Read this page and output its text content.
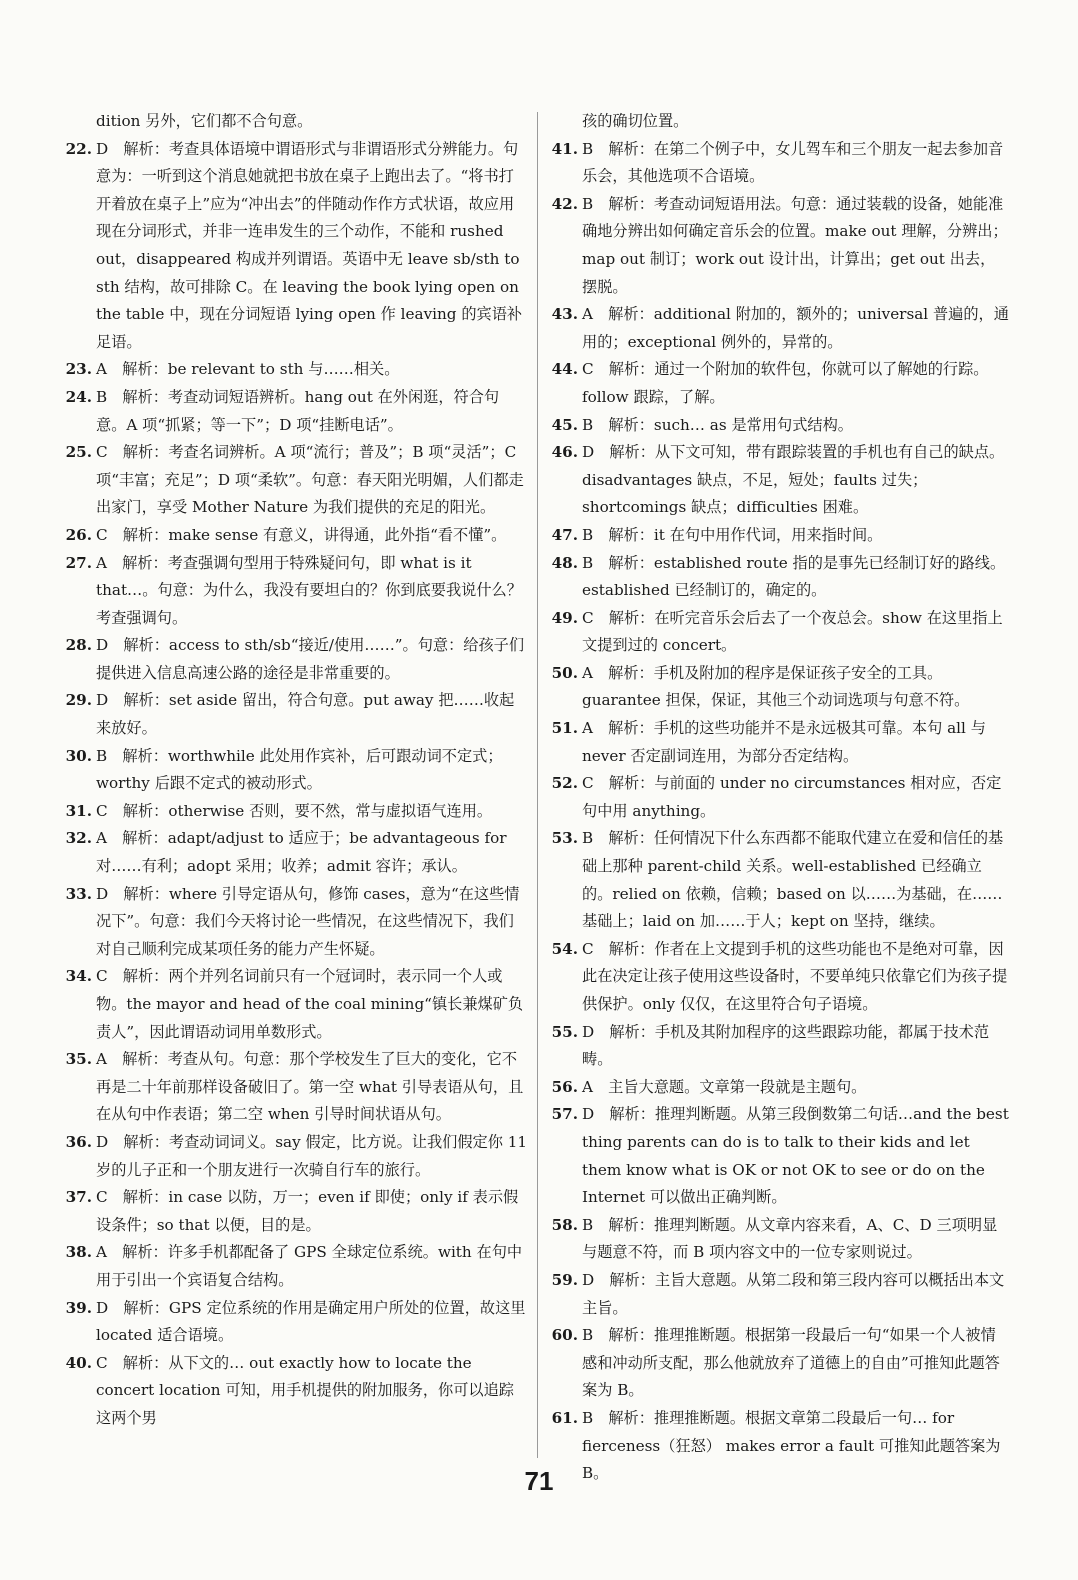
dition 另外，它们都不合句意。
22. D　解析：考查具体语境中谓语形式与非谓语形式分辨能力。句意为：一听到这个消息她就把书放在桌子上跑出去了。“将书打开着放在桌子上”应为“冲出去”的伴随动作作方式状语，故应用现在分词形式，并非一连串发生的三个动作，不能和 rushed out，disappeared 构成并列谓语。英语中无 leave sb/sth to sth 结构，故可排除 C。在 leaving the book lying open on the table 中，现在分词短语 lying open 作 leaving 的宾语补足语。
23. A　解析：be relevant to sth 与……相关。
24. B　解析：考查动词短语辨析。hang out 在外闲逛，符合句意。A 项“抓紧；等一下”；D 项“挂断电话”。
25. C　解析：考查名词辨析。A 项“流行；普及”；B 项“灵活”；C 项“丰富；充足”；D 项“柔软”。句意：春天阳光明媚，人们都走出家门，享受 Mother Nature 为我们提供的充足的阳光。
26. C　解析：make sense 有意义，讲得通，此外指“看不懂”。
27. A　解析：考查强调句型用于特殊疑问句，即 what is it that…。句意：为什么，我没有要坦白的？你到底要我说什么？考查强调句。
28. D　解析：access to sth/sb“接近/使用……”。句意：给孩子们提供进入信息高速公路的途径是非常重要的。
29. D　解析：set aside 留出，符合句意。put away 把……收起来放好。
30. B　解析：worthwhile 此处用作宾补，后可跟动词不定式；worthy 后跟不定式的被动形式。
31. C　解析：otherwise 否则，要不然，常与虚拟语气连用。
32. A　解析：adapt/adjust to 适应于；be advantageous for 对……有利；adopt 采用；收养；admit 容许；承认。
33. D　解析：where 引导定语从句，修饰 cases，意为“在这些情况下”。句意：我们今天将讨论一些情况，在这些情况下，我们对自己顺利完成某项任务的能力产生怀疑。
34. C　解析：两个并列名词前只有一个冠词时，表示同一个人或物。the mayor and head of the coal mining“镇长兼煤矿负责人”，因此谓语动词用单数形式。
35. A　解析：考查从句。句意：那个学校发生了巨大的变化，它不再是二十年前那样设备破旧了。第一空 what 引导表语从句，且在从句中作表语；第二空 when 引导时间状语从句。
36. D　解析：考查动词词义。say 假定，比方说。让我们假定你 11 岁的儿子正和一个朋友进行一次骑自行车的旅行。
37. C　解析：in case 以防，万一；even if 即使；only if 表示假设条件；so that 以便，目的是。
38. A　解析：许多手机都配备了 GPS 全球定位系统。with 在句中用于引出一个宾语复合结构。
39. D　解析：GPS 定位系统的作用是确定用户所处的位置，故这里 located 适合语境。
40. C　解析：从下文的… out exactly how to locate the concert location 可知，用手机提供的附加服务，你可以追踪这两个男
孩的确切位置。
41. B　解析：在第二个例子中，女儿驾车和三个朋友一起去参加音乐会，其他选项不合语境。
42. B　解析：考查动词短语用法。句意：通过装载的设备，她能准确地分辨出如何确定音乐会的位置。make out 理解，分辨出；map out 制订；work out 设计出，计算出；get out 出去，摆脱。
43. A　解析：additional 附加的，额外的；universal 普遍的，通用的；exceptional 例外的，异常的。
44. C　解析：通过一个附加的软件包，你就可以了解她的行踪。follow 跟踪，了解。
45. B　解析：such… as 是常用句式结构。
46. D　解析：从下文可知，带有跟踪装置的手机也有自己的缺点。disadvantages 缺点，不足，短处；faults 过失；shortcomings 缺点；difficulties 困难。
47. B　解析：it 在句中用作代词，用来指时间。
48. B　解析：established route 指的是事先已经制订好的路线。established 已经制订的，确定的。
49. C　解析：在听完音乐会后去了一个夜总会。show 在这里指上文提到过的 concert。
50. A　解析：手机及附加的程序是保证孩子安全的工具。guarantee 担保，保证，其他三个动词选项与句意不符。
51. A　解析：手机的这些功能并不是永远极其可靠。本句 all 与 never 否定副词连用，为部分否定结构。
52. C　解析：与前面的 under no circumstances 相对应，否定句中用 anything。
53. B　解析：任何情况下什么东西都不能取代建立在爱和信任的基础上那种 parent-child 关系。well-established 已经确立的。relied on 依赖，信赖；based on 以……为基础，在……基础上；laid on 加……于人；kept on 坚持，继续。
54. C　解析：作者在上文提到手机的这些功能也不是绝对可靠，因此在决定让孩子使用这些设备时，不要单纯只依靠它们为孩子提供保护。only 仅仅，在这里符合句子语境。
55. D　解析：手机及其附加程序的这些跟踪功能，都属于技术范畴。
56. A　主旨大意题。文章第一段就是主题句。
57. D　解析：推理判断题。从第三段倒数第二句话…and the best thing parents can do is to talk to their kids and let them know what is OK or not OK to see or do on the Internet 可以做出正确判断。
58. B　解析：推理判断题。从文章内容来看，A、C、D 三项明显与题意不符，而 B 项内容文中的一位专家则说过。
59. D　解析：主旨大意题。从第二段和第三段内容可以概括出本文主旨。
60. B　解析：推理推断题。根据第一段最后一句“如果一个人被情感和冲动所支配，那么他就放弃了道德上的自由”可推知此题答案为 B。
61. B　解析：推理推断题。根据文章第二段最后一句… for fierceness（狂怒） makes error a fault 可推知此题答案为 B。
71
